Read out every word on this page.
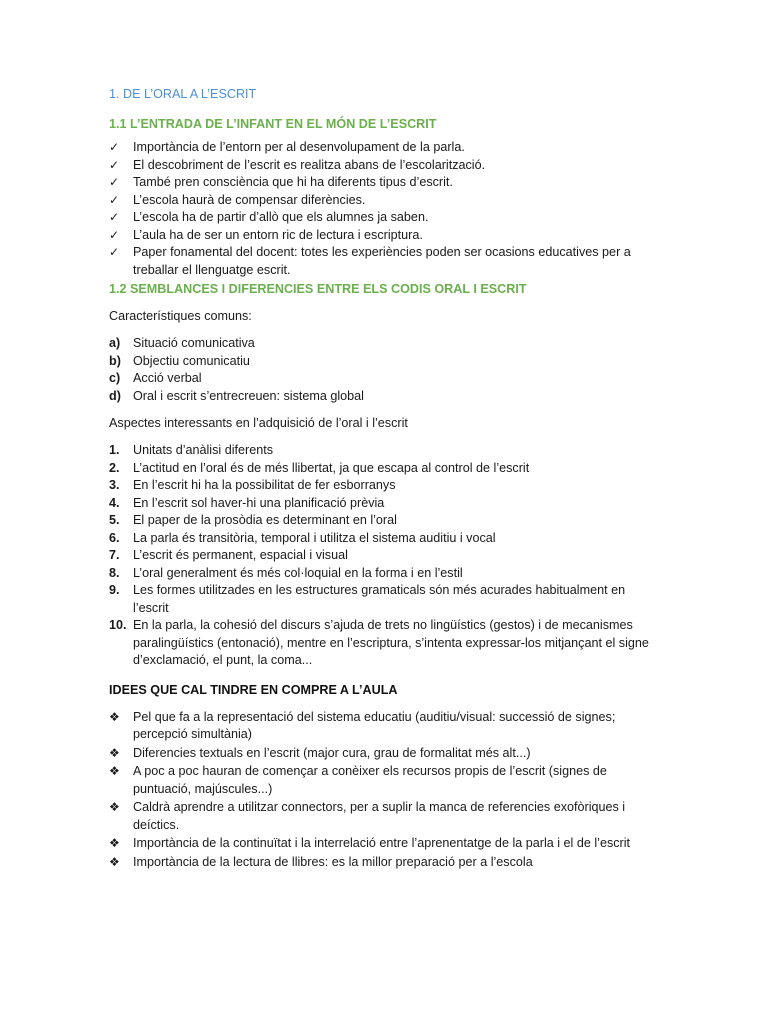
1. DE L’ORAL A L’ESCRIT
1.1 L’ENTRADA DE L’INFANT EN EL MÓN DE L’ESCRIT
✓	Importància de l’entorn per al desenvolupament de la parla.
✓	El descobriment de l’escrit es realitza abans de l’escolarització.
✓	També pren consciència que hi ha diferents tipus d’escrit.
✓	L’escola haurà de compensar diferències.
✓	L’escola ha de partir d’allò que els alumnes ja saben.
✓	L’aula ha de ser un entorn ric de lectura i escriptura.
✓	Paper fonamental del docent: totes les experiències poden ser ocasions educatives per a treballar el llenguatge escrit.
1.2 SEMBLANCES I DIFERENCIES ENTRE ELS CODIS ORAL I ESCRIT
Característiques comuns:
a)	Situació comunicativa
b) Objectiu comunicatiu
c)	Acció verbal
d) Oral i escrit s’entrecreuen: sistema global
Aspectes interessants en l’adquisició de l’oral i l’escrit
1.	Unitats d’anàlisi diferents
2.	L’actitud en l’oral és de més llibertat, ja que escapa al control de l’escrit
3.	En l’escrit hi ha la possibilitat de fer esborranys
4.	En l’escrit sol haver-hi una planificació prèvia
5.	El paper de la prosòdia es determinant en l’oral
6.	La parla és transitòria, temporal i utilitza el sistema auditiu i vocal
7.	L’escrit és permanent, espacial i visual
8.	L’oral generalment és més col·loquial en la forma i en l’estil
9.	Les formes utilitzades en les estructures gramaticals són més acurades habitualment en l’escrit
10. En la parla, la cohesió del discurs s’ajuda de trets no lingüístics (gestos) i de mecanismes paralingüístics (entonació), mentre en l’escriptura, s’intenta expressar-los mitjançant el signe d’exclamació, el punt, la coma...
IDEES QUE CAL TINDRE EN COMPRE A L’AULA
❖	Pel que fa a la representació del sistema educatiu (auditiu/visual: successió de signes; percepció simultània)
❖	Diferencies textuals en l’escrit (major cura, grau de formalitat més alt...)
❖	A poc a poc hauran de començar a conèixer els recursos propis de l’escrit (signes de puntuació, majúscules...)
❖	Caldrà aprendre a utilitzar connectors, per a suplir la manca de referencies exofòriques i deíctics.
❖	Importància de la continuïtat i la interrelació entre l’aprenentatge de la parla i el de l’escrit
❖	Importància de la lectura de llibres: es la millor preparació per a l’escola
